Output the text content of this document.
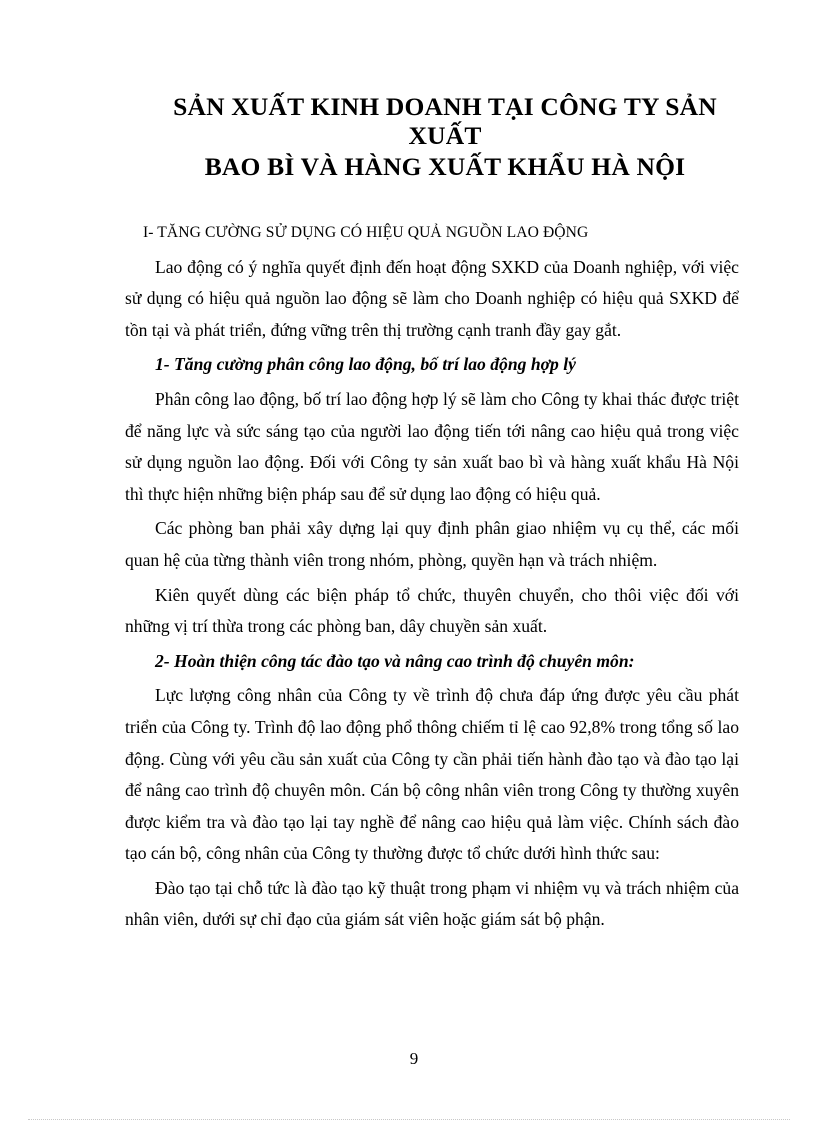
SẢN XUẤT KINH DOANH TẠI CÔNG TY SẢN
XUẤT
BAO BÌ VÀ HÀNG XUẤT KHẨU HÀ NỘI

I- TĂNG CƯỜNG SỬ DỤNG CÓ HIỆU QUẢ NGUỒN LAO ĐỘNG

Lao động có ý nghĩa quyết định đến hoạt động SXKD của Doanh nghiệp, với việc sử dụng có hiệu quả nguồn lao động sẽ làm cho Doanh nghiệp có hiệu quả SXKD để tồn tại và phát triển, đứng vững trên thị trường cạnh tranh đầy gay gắt.

1- Tăng cường phân công lao động, bố trí lao động hợp lý

Phân công lao động, bố trí lao động hợp lý sẽ làm cho Công ty khai thác được triệt để năng lực và sức sáng tạo của người lao động tiến tới nâng cao hiệu quả trong việc sử dụng nguồn lao động. Đối với Công ty sản xuất bao bì và hàng xuất khẩu Hà Nội thì thực hiện những biện pháp sau để sử dụng lao động có hiệu quả.

Các phòng ban phải xây dựng lại quy định phân giao nhiệm vụ cụ thể, các mối quan hệ của từng thành viên trong nhóm, phòng, quyền hạn và trách nhiệm.

Kiên quyết dùng các biện pháp tổ chức, thuyên chuyển, cho thôi việc đối với những vị trí thừa trong các phòng ban, dây chuyền sản xuất.

2- Hoàn thiện công tác đào tạo và nâng cao trình độ chuyên môn:

Lực lượng công nhân của Công ty về trình độ chưa đáp ứng được yêu cầu phát triển của Công ty. Trình độ lao động phổ thông chiếm tỉ lệ cao 92,8% trong tổng số lao động. Cùng với yêu cầu sản xuất của Công ty cần phải tiến hành đào tạo và đào tạo lại để nâng cao trình độ chuyên môn. Cán bộ công nhân viên trong Công ty thường xuyên được kiểm tra và đào tạo lại tay nghề để nâng cao hiệu quả làm việc. Chính sách đào tạo cán bộ, công nhân của Công ty thường được tổ chức dưới hình thức sau:

Đào tạo tại chỗ tức là đào tạo kỹ thuật trong phạm vi nhiệm vụ và trách nhiệm của nhân viên, dưới sự chỉ đạo của giám sát viên hoặc giám sát bộ phận.

9
